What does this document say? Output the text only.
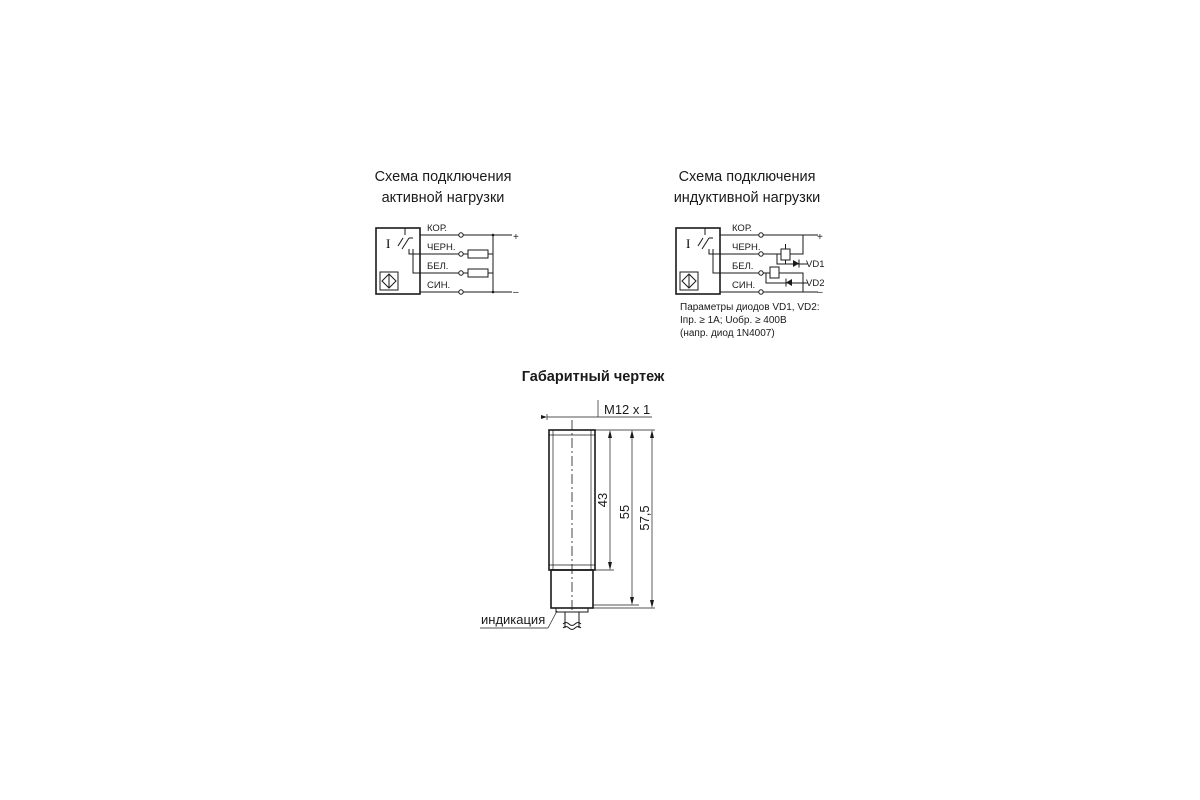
Схема подключения
активной нагрузки
I
КОР.
ЧЕРН.
БЕЛ.
СИН.
+
–
Схема подключения
индуктивной нагрузки
I
КОР.
ЧЕРН.
БЕЛ.
СИН.
VD1
VD2
+
–
Параметры диодов VD1, VD2:
Iпр. ≥ 1A; Uобр. ≥ 400B
(напр. диод 1N4007)
Габаритный чертеж
M12 x 1
43
55 57,5
индикация
